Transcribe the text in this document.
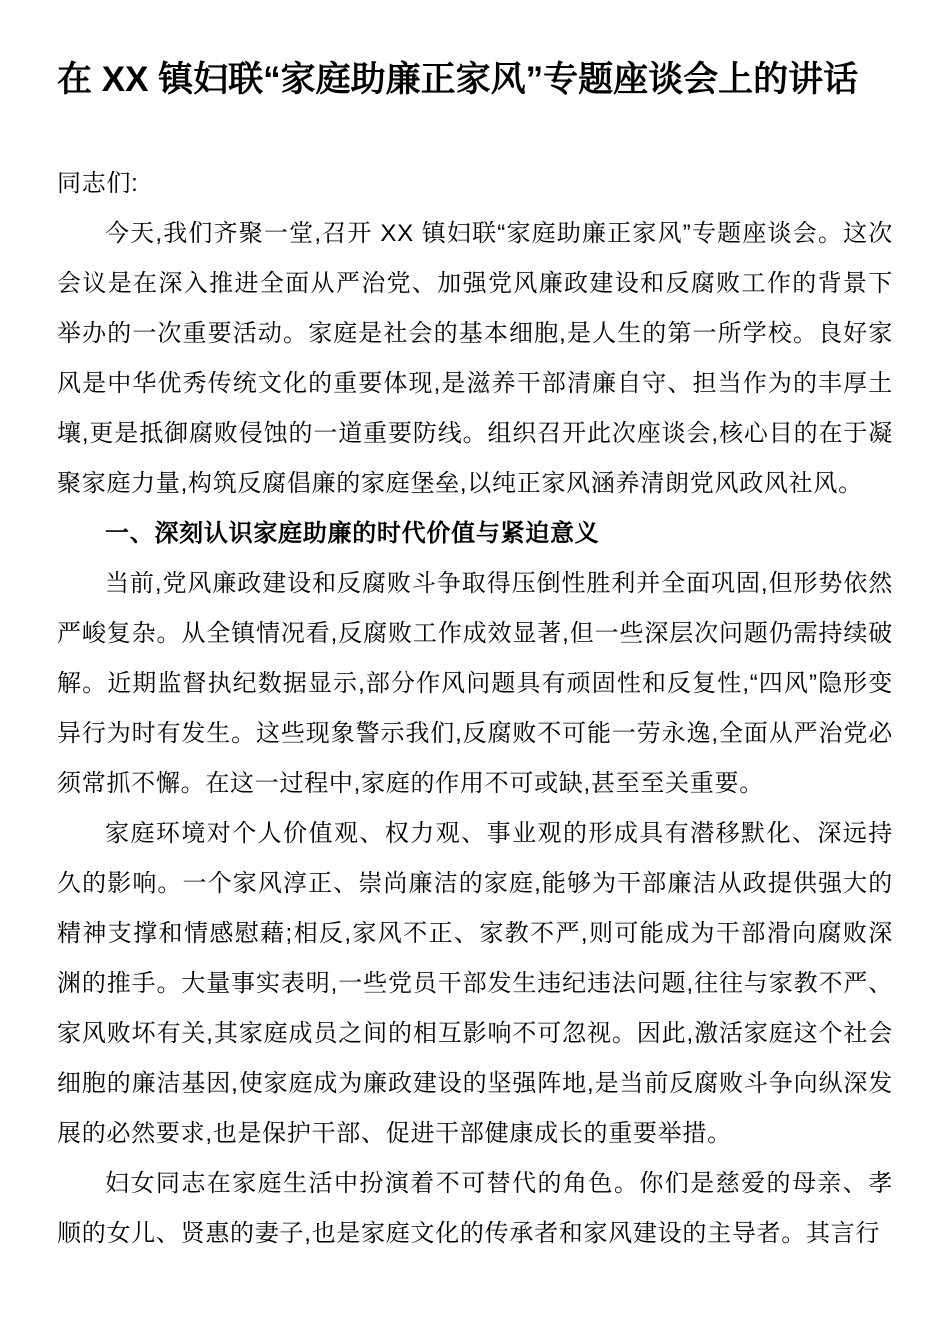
在 XX 镇妇联“家庭助廉正家风”专题座谈会上的讲话

同志们:

今天,我们齐聚一堂,召开 XX 镇妇联“家庭助廉正家风”专题座谈会。这次会议是在深入推进全面从严治党、加强党风廉政建设和反腐败工作的背景下举办的一次重要活动。家庭是社会的基本细胞,是人生的第一所学校。良好家风是中华优秀传统文化的重要体现,是滋养干部清廉自守、担当作为的丰厚土壤,更是抵御腐败侵蚀的一道重要防线。组织召开此次座谈会,核心目的在于凝聚家庭力量,构筑反腐倡廉的家庭堡垒,以纯正家风涵养清朗党风政风社风。

一、深刻认识家庭助廉的时代价值与紧迫意义

当前,党风廉政建设和反腐败斗争取得压倒性胜利并全面巩固,但形势依然严峻复杂。从全镇情况看,反腐败工作成效显著,但一些深层次问题仍需持续破解。近期监督执纪数据显示,部分作风问题具有顽固性和反复性,“四风”隐形变异行为时有发生。这些现象警示我们,反腐败不可能一劳永逸,全面从严治党必须常抓不懈。在这一过程中,家庭的作用不可或缺,甚至至关重要。

家庭环境对个人价值观、权力观、事业观的形成具有潜移默化、深远持久的影响。一个家风淳正、崇尚廉洁的家庭,能够为干部廉洁从政提供强大的精神支撑和情感慰藉;相反,家风不正、家教不严,则可能成为干部滑向腐败深渊的推手。大量事实表明,一些党员干部发生违纪违法问题,往往与家教不严、家风败坏有关,其家庭成员之间的相互影响不可忽视。因此,激活家庭这个社会细胞的廉洁基因,使家庭成为廉政建设的坚强阵地,是当前反腐败斗争向纵深发展的必然要求,也是保护干部、促进干部健康成长的重要举措。

妇女同志在家庭生活中扮演着不可替代的角色。你们是慈爱的母亲、孝顺的女儿、贤惠的妻子,也是家庭文化的传承者和家风建设的主导者。其言行
